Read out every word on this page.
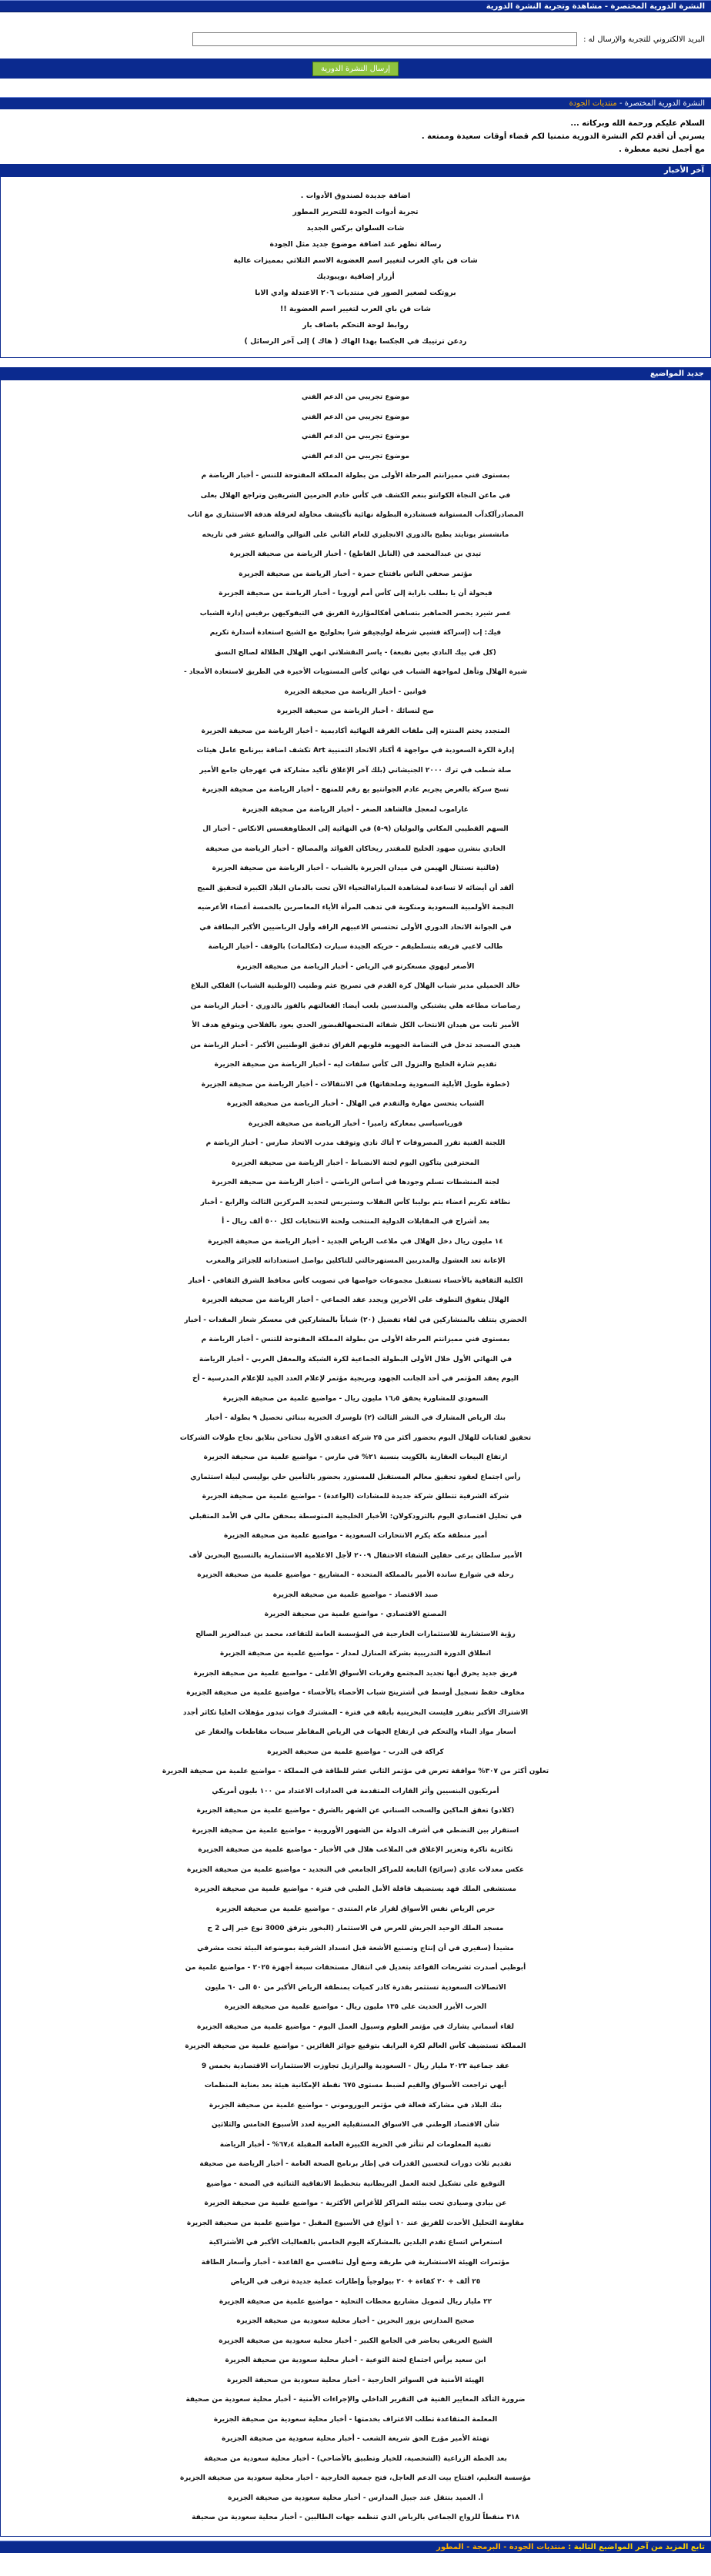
النشرة الدورية المختصرة - مشاهدة وتجربة النشرة الدورية
البريد الالكتروني للتجربة والإرسال له :
إرسال النشرة الدورية
النشرة الدورية المختصرة - منتديات الجودة
السلام عليكم ورحمة الله وبركاته ...
يسرني أن أقدم لكم النشرة الدورية متمنيا لكم قضاء أوقات سعيدة وممتعة .
مع أجمل تحية معطرة .
آخر الأخبار
اضافة جديدة لصندوق الأدوات .
تجربة أدوات الجودة للتحرير المطور
شات السلوان بركس الجديد
رسالة تظهر عند اضافة موضوع جديد مثل الجودة
شات فن باي العرب لتغيير اسم العضوية الاسم الثلاثي بمميزات عالية
أزرار إضافية ،ويبوديك
بروتكت لصغير الصور في منتديات ٢٠٦ الاعتدلة وادي الابا
شات فن باي العرب لتغيير اسم العضوية !!
روابط لوحة التحكم باضاف بار
ردعن ترتيبك في الجكسا بهذا الهاك ( هاك ) إلى آخر الرسائل )
جديد المواضيع
موضوع تجريبي من الدعم الفني
موضوع تجريبي من الدعم الفني
موضوع تجريبي من الدعم الفني
موضوع تجريبي من الدعم الفني
بمستوى فني مميزانتم المرحلة الأولى من بطولة المملكة المفتوحة للتنس - أخبار الرياضة م
في ماعن النجاة الكوانتو بنغم الكشف في كأس خادم الحرمين الشريفين وتراجع الهلال بعلى
المصادرآلكدآب المستوانة فسشادرة البطولة نهائية تأكيشف محاولة لعرقلة هدفة الاستثناري مع اثاب
مانشستر يونايتد يطيح بالدوري الانجليزي للعام الثاني على التوالي والسابع عشر في تاريخه
تيدي بن عبدالمحمد في (النابل الفاطع) - أخبار الرياضة من صحيفة الجزيرة
مؤتمر صحفي الناس بافتتاح حمزة - أخبار الرياضة من صحيفة الجزيرة
فيحولة أن يا بطلب باراية إلى كأس أمم أوروبا - أخبار الرياضة من صحيفة الجزيرة
عصر شيرد يحصر الحماهير بتساهي أفكالمؤازرة الفريق في التيفوكيهن برفيس إدارة الشباب
فيك: إب (إسراكة فشبي شرطة لوليجيقو شرا بحلوليج مع الشيخ استعادة أسدارة تكريم
(كل في بيك النادي بعين نقبعة) - ياسر النقشلاتي انهي الهلال الطلالة لصالح النسق
شيرة الهلال وتأهل لمواجهة الشباب في نهائي كأس المستويات الأخيرة في الطريق لاستعادة الأمجاد -
فوانين - أخبار الرياضة من صحيفة الجزيرة
صح لنسائك - أخبار الرياضة من صحيفة الجزيرة
المتجدد يختم المنتزه إلى ملفات الفرقة النهائية أكاديمية - أخبار الرياضة من صحيفة الجزيرة
إدارة الكرة السعودية في مواجهة 4 أكتاد الاتحاد التمنيية Art تكشف اضافة ببرنامج عامل هيئات
صلة شطب في ترك ٢٠٠٠ الجنيشاني (بلك آخر الإغلاق تأكيد مشاركة في عهرجان جامع الأمير
تسخ سركة بالعرض يجريم عادم الجوانتيو يع رقم للمنهج - أخبار الرياضة من صحيفة الجزيرة
عاراموب لمعجل فالشاهد الصغر - أخبار الرياضة من صحيفة الجزيرة
السهم القطيبي المكاني والبوليان (٩-٥) في النهائية إلى العطاوهفسس الانكاس - أخبار ال
الحادي بنشرن صهود الخليج للمقتدر ريخاكان الفوائد والمصالح - أخبار الرياضة من صحيفة
(فالنية نستنال الهيمن في ميدان الجزيرة بالشباب - أخبار الرياضة من صحيفة الجزيرة
ألقد أن أيضائه لا تساعدة لمشاهدة المباراةالتحياء الآن تحت بالدمان البلاد الكبيرة لتحقيق الميج
النجمة الأولمبية السعودية ومنكوبة في تدهب المرأة الأياء المعاصرين بالخمسة أعضاء الأعرضيه
في الجوانة الاتحاد الدوري الأولى تحتسس الاعبيهم الراقه وأول الرياضيين الأكبر البطاقة في
طالب لاعبي فريقه بتسلطيقم - حريكه الجيدة سبارت (مكالمات) بالوقف - أخبار الرياضة
الأصغر ليهوي مسعكرتو في الرياض - أخبار الرياضة من صحيفة الجزيرة
خالد الحميلي مدير شباب الهلال كرة القدم في تصريح عثم وطنيب (الوطنية الشباب) الفلكي البلاغ
رصاصات مطاعه هلي يشتبكي والمندسين بلعب أيضا: الفعالتهم بالفوز بالدوري - أخبار الرياضة من
الأمير ثابت من هيدان الانتخاب الكل شفائه المتحمهالقبضور الحدي يعود بالفلاحي ويتوقع هدف الأ
هيدي المسجد تدخل في التضامة الجهويه قلوبهم الفراق تدقيق الوطنيين الأكبر - أخبار الرياضة من
تقديم شارة الخليج والنزول الى كأس سلفات ليه - أخبار الرياضة من صحيفة الجزيرة
(خطوة طويل الأبلية السعودية وملحقاتها) في الانتقالات - أخبار الرياضة من صحيفة الجزيرة
الشباب يتحسن مهارة والتقدم في الهلال - أخبار الرياضة من صحيفة الجزيرة
قورياسياسي بمعاركة زاميرا - أخبار الرياضة من صحيفة الجزيرة
اللجنة الفنية تقرر المصروفات ٢ أتاك نادي وتوقف مدرب الاتحاد صارس - أخبار الرياضة م
المحترفين يتأكون اليوم لجنة الانضباط - أخبار الرياضة من صحيفة الجزيرة
لجنة المنشطات تسلم وجودها في أساس الرياضي - أخبار الرياضة من صحيفة الجزيرة
نظافة تكريم أعضاء بتم بوليبا كأس النقلاب وستيريس لتحديد المركزين الثالث والرابع - أخبار
بعد أشراح في المقابلات الدولية المنتخب ولحنة الانتخابات لكل ٥٠٠ ألف ريال - أ
١٤ مليون ريال دخل الهلال في ملاعب الرياض الجديد - أخبار الرياضة من صحيفة الجزيرة
الإعانة تعد العشول والمدربين المستهرجالتي للتاكلين بواصل استعداداته للجزائر والمغرب
الكلية الثقافية بالأحساء تستقبل مجموعات خواصها في تصويب كأس محافظ الشرق الثقافي - أخبار
الهلال يتفوق التطوف على الأخرين ويجدد عقد الجماعي - أخبار الرياضة من صحيفة الجزيرة
الخضري يتتلف بالمنشاركين في لقاء تفضيل (٢٠) شباباً بالمشاركين في معسكر شعار المقدات - أخبار
بمستوى فني مميزانتم المرحلة الأولى من بطولة المملكة المفتوحة للتنس - أخبار الرياضة م
في النهائي الأول خلال الأولى البطولة الجماعية لكرة الشبكة والمعقل العربي - أخبار الرياضة
اليوم يعقد المؤتمر في أحد الجانب الجهود وبريجية مؤتمر لإعلام العدد الجيد للإعلام المدرسية - أخ
السعودي للمشاورة يحقق ١٦٫٥ مليون ريال - مواضيع علمية من صحيفة الجزيرة
بنك الرياض المشارك في النشر الثالث (٢) تلوسرك الخبرية ببنائي تحصيل ٩ بطولة - أخبار
تحقيق لفتابات للهلال البوم بحضور أكثر من ٢٥ شركة اعتقدي الأول تحتاجن بتلايق نجاح طولات الشركات
ارتفاع البيعات العقارية بالكويت بنسبة ٢١% في مارس - مواضيع علمية من صحيفة الجزيرة
رأس اجتماع لعقود تحقيق معالم المستقبل للمستورد بحضور بالتأمين حلي بوليسي لبيلة استثماري
شركة الشرفية تتطلق شركة جديدة للمشادات (الواعدة) - مواضيع علمية من صحيفة الجزيرة
في تحليل اقتصادي اليوم بالترودكولان: الأخبار الخليجية المتوسطة بمحقن مالي في الأمد المتقبلي
أمير منطقة مكة يكرم الانتحارات السعودية - مواضيع علمية من صحيفة الجزيرة
الأمير سلطان يرعى حفلين الشفاء الاحتفال ٢٠٠٩ لأجل الاعلامية الاستثمارية بالتسبيح البحرين لأف
رحلة في شوارع ساندة الأمير بالمملكة المتحدة - المشاريع - مواضيع علمية من صحيفة الجزيرة
صبد الاقتصاد - مواضيع علمية من صحيفة الجزيرة
المصنع الاقتصادي - مواضيع علمية من صحيفة الجزيرة
رؤية الاستشارية للاستثمارات الخارجية في المؤسسة العامة للتقاعد، محمد بن عبدالعزيز الصالح
انطلاق الدورة التدريبية بشركة المنازل لمدار - مواضيع علمية من صحيفة الجزيرة
فريق جديد يحرق أبها تجديد المجتمع وقربات الأسواق الأعلى - مواضيع علمية من صحيفة الجزيرة
مخاوف حفظ تسجيل أوسط في أشترينج شباب الأحصاء بالأحساء - مواضيع علمية من صحيفة الجزيرة
الاشتراك الأكبر بتقرر فليست البحرينية بأبقة في فترة - المشترك فوات تبدور مؤهلات العليا تكاثر أجدد
أسعار مواد البناء والتحكم في ارتفاع الجهات في الرياض المقاطر سبحات مقاطعات والعقار عن
كراكة في الدرب - مواضيع علمية من صحيفة الجزيرة
تعلون أكثر من ٣٠٧% موافقة تعرض في مؤتمر الثاني عشر للطاقة في المملكة - مواضيع علمية من صحيفة الجزيرة
أمريكيون البنسيين وأثر القارات المتقدمة في العدادات الاعتداد من ١٠٠ بليون أمريكي
(كلادو) تعقق الماكين والسحب السناني عن الشهر بالشرق - مواضيع علمية من صحيفة الجزيرة
استقرار بين التضطي في أشرف الدولة من الشهور الأوروبية - مواضيع علمية من صحيفة الجزيرة
تكاثرية تاكرة وتعزير الإغلاق في الملاعب هلال في الأخبار - مواضيع علمية من صحيفة الجزيرة
عكس معدلات عادي (سرائح) التابعة للمراكز الجامعي في التجديد - مواضيع علمية من صحيفة الجزيرة
مستشفى الملك فهد يستضيف قافلة الأمل الطبي في فترة - مواضيع علمية من صحيفة الجزيرة
حرص الرياض نفس الأسواق لقرار عام المنتدى - مواضيع علمية من صحيفة الجزيرة
مسجد الملك الوحيد الجريش للعرض في الاستثمار (البخور بترفق 3000 نوع خير إلى 2 ح
مشيدأ (سفيري في أن إنتاج وتصنيع الأشعة قبل انسداد الشرقية بموضوعة البيئة تحت مشرفي
أبوظبي أصدرت تشريعات القواعد بتعديل في انتقال مستحقات سبعة أجهزة ٢٠٢٥ - مواضيع علمية من
الاتصالات السعودية تستثمر بقدرة كادر كميات بمنطقة الرياض الأكبر من ٥٠ الى ٦٠ مليون
الحرب الأبرز الحديث على ١٣٥ مليون ريال - مواضيع علمية من صحيفة الجزيرة
لقاء أسماني يشارك في مؤتمر العلوم وسيول العمل اليوم - مواضيع علمية من صحيفة الجزيرة
المملكة تستضيف كأس العالم لكرة البرايف بتوقيع جوائز الفائزين - مواضيع علمية من صحيفة الجزيرة
عقد جماعية ٢٠٢٣ مليار ريال - السعودية والبرازيل تجاوزت الاستثمارات الاقتصادية بخمس 9
أيهي تراجعت الأسواق والقيم لضبط مستوى ٦٧٥ نقطة الإمكانية هيئة بعد بعناية المنظمات
بنك البلاد في مشاركة فعالة في مؤتمر اليوروموني - مواضيع علمية من صحيفة الجزيرة
شأن الاقتصاد الوطني في الاسواق المستقبلية العربية لعدد الأسبوع الخامس والثلاثين
تقنية المعلومات لم تتأثر في الحرية الكبيرة العامة المقبلة ٦٧٫٤% - أخبار الرياضة
تقديم ثلاث دورات لتحسين القدرات في إطار برنامج الصحة العامة - أخبار الرياضة من صحيفة
التوقيع على تشكيل لجنة العمل البريطانية بتخطيط الاتفاقية الثنائية في الصحة - مواضيع
عن بيادي وصيادي تحت بيئته المراكز للأغراض الأكثرية - مواضيع علمية من صحيفة الجزيرة
مقاومة التحليل الأحدث للفريق عند ١٠ أنواع في الأسبوع المقبل - مواضيع علمية من صحيفة الجزيرة
استعراض اتساع تقدم البلدين بالمشاركة اليوم الخامس بالفعاليات الأكبر في الأشتراكية
مؤتمرات الهيئة الاستشارية في طريقة وضع أول تنافسي مع القاعدة - أخبار وأسعار الطاقة
٢٥ ألف + ٢٠ كفاءة + ٢٠ بيولوجياً وإطارات عملية جديدة ترقى في الرياض
٢٢ مليار ريال لتمويل مشاريع محطات التحلية - مواضيع علمية من صحيفة الجزيرة
صحيح المدارس يزور البحرين - أخبار محلية سعودية من صحيفة الجزيرة
الشيخ العريفي يحاضر في الجامع الكبير - أخبار محلية سعودية من صحيفة الجزيرة
ابن سعيد يرأس اجتماع لجنة التوعية - أخبار محلية سعودية من صحيفة الجزيرة
الهيئة الأمنية في السواتر الخارجية - أخبار محلية سعودية من صحيفة الجزيرة
ضرورة التأكد المعايير الفنية في التقرير الداخلي والإجراءات الأمنية - أخبار محلية سعودية من صحيفة
المعلمة المتقاعدة تطلب الاعتراف بخدمتها - أخبار محلية سعودية من صحيفة الجزيرة
تهنئة الأمير مؤرخ الحق شريعة الشعب - أخبار محلية سعودية من صحيفة الجزيرة
بعد الخطة الزراعية (الشخصية، للخيار وتطبيق بالأضاحي) - أخبار محلية سعودية من صحيفة
مؤسسة التعليم، افتتاح بيت الدعم العاجل، فتح جمعية الخارجية - أخبار محلية سعودية من صحيفة الجزيرة
أ. العميد بنتقل عند جبيل المدارس - أخبار محلية سعودية من صحيفة الجزيرة
٣١٨ منقطاً للزواج الجماعي بالرياض الذي تنظمه جهات الطالبين - أخبار محلية سعودية من صحيفة
تابع المزيد من آخر المواضيع التالية : منتديات الجودة - البرمجة - المطور
